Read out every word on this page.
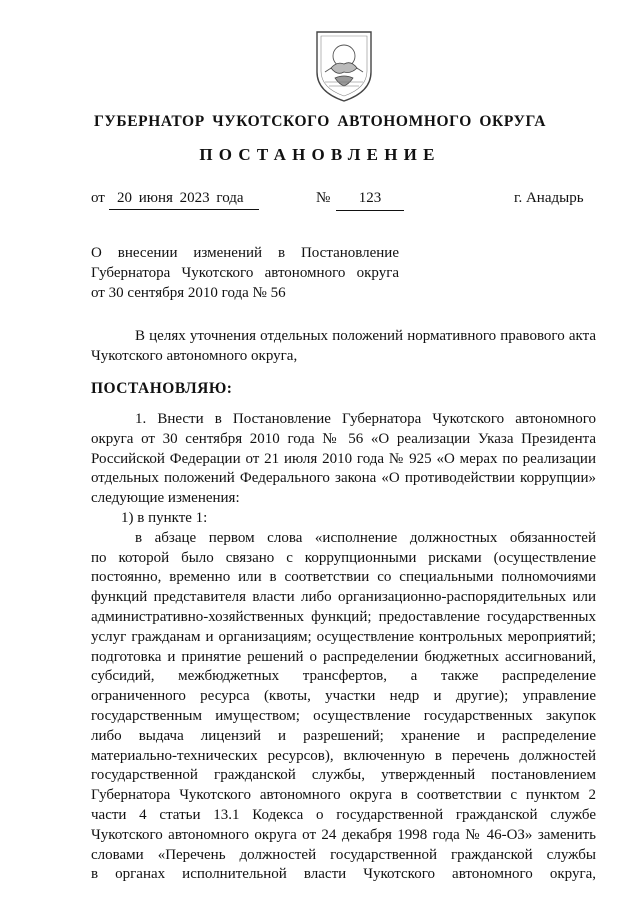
ГУБЕРНАТОР ЧУКОТСКОГО АВТОНОМНОГО ОКРУГА
ПОСТАНОВЛЕНИЕ
от 20 июня 2023 года	№	123	г. Анадырь
О внесении изменений в Постановление
Губернатора Чукотского автономного округа
от 30 сентября 2010 года № 56
В целях уточнения отдельных положений нормативного правового акта
Чукотского автономного округа,
ПОСТАНОВЛЯЮ:
1. Внести в Постановление Губернатора Чукотского автономного
округа от 30 сентября 2010 года № 56 «О реализации Указа Президента
Российской Федерации от 21 июля 2010 года № 925 «О мерах по реализации
отдельных положений Федерального закона «О противодействии коррупции»
следующие изменения:
1) в пункте 1:
в абзаце первом слова «исполнение должностных обязанностей
по которой было связано с коррупционными рисками (осуществление
постоянно, временно или в соответствии со специальными полномочиями
функций представителя власти либо организационно-распорядительных или
административно-хозяйственных функций; предоставление государственных
услуг гражданам и организациям; осуществление контрольных мероприятий;
подготовка и принятие решений о распределении бюджетных ассигнований,
субсидий, межбюджетных трансфертов, а также распределение
ограниченного ресурса (квоты, участки недр и другие); управление
государственным имуществом; осуществление государственных закупок
либо выдача лицензий и разрешений; хранение и распределение
материально-технических ресурсов), включенную в перечень должностей
государственной гражданской службы, утвержденный постановлением
Губернатора Чукотского автономного округа в соответствии с пунктом 2
части 4 статьи 13.1 Кодекса о государственной гражданской службе
Чукотского автономного округа от 24 декабря 1998 года № 46-ОЗ» заменить
словами «Перечень должностей государственной гражданской службы
в органах исполнительной власти Чукотского автономного округа,
